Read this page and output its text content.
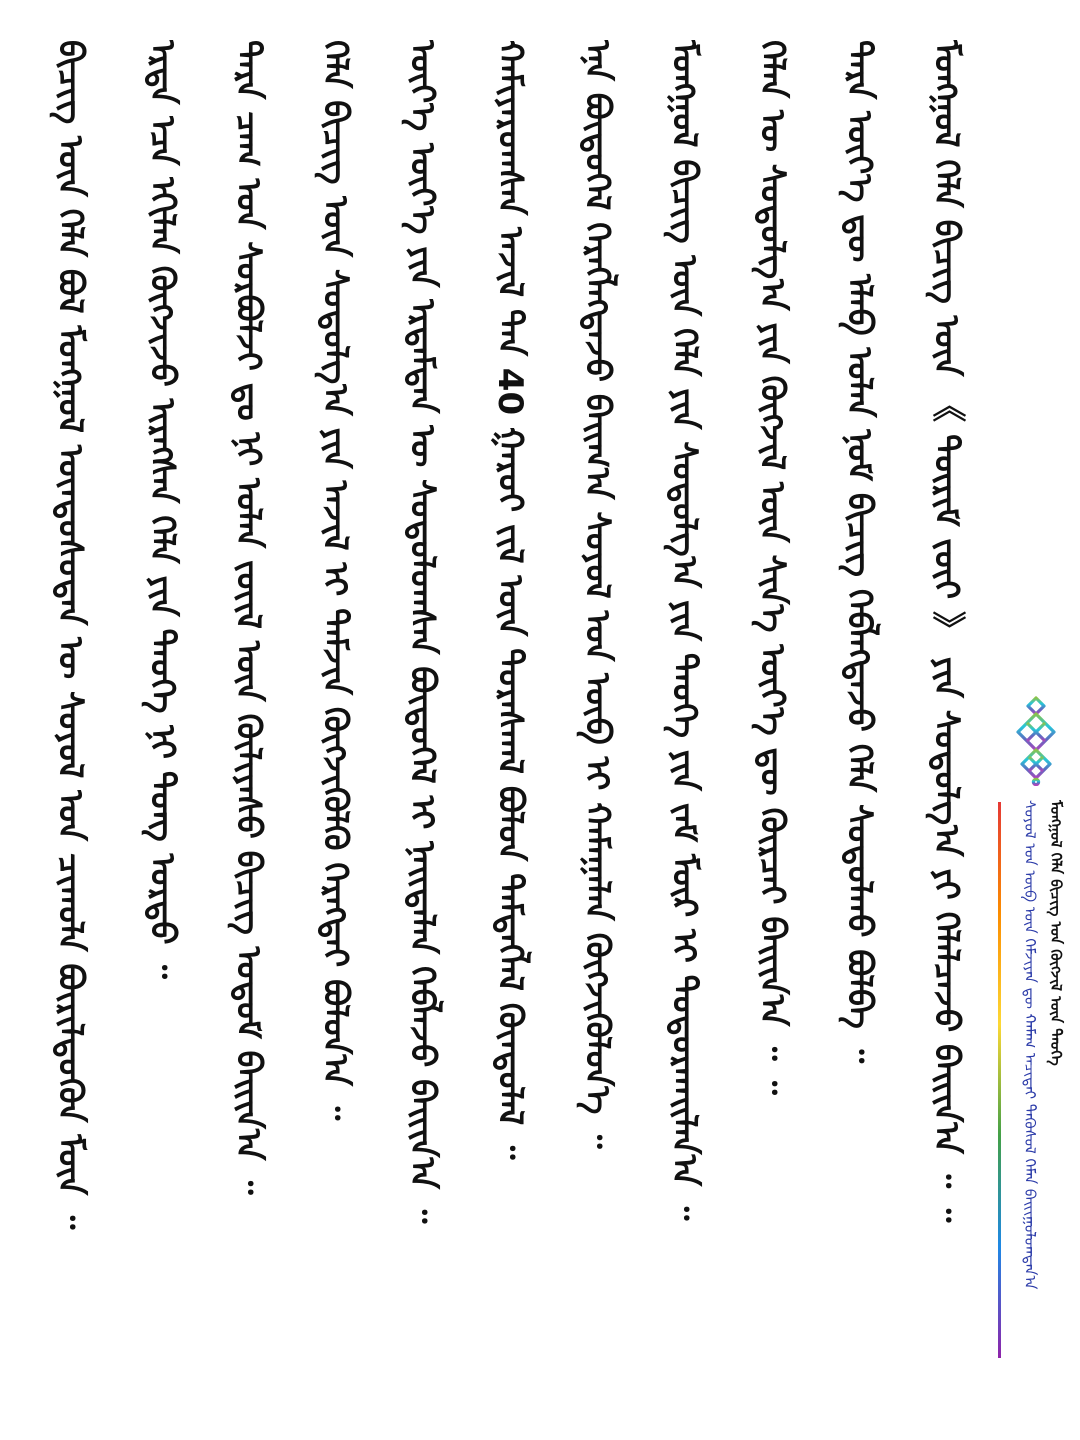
ᠪᠢᠴᠢᠭ᠌ ᠦᠨ ᠬᠡᠯᠡ ᠪᠣᠯ ᠮᠣᠩᠭᠣᠯ ᠦᠨᠳᠦᠰᠦᠲᠡᠨ ᠦ ᠰᠣᠶᠣᠯ ᠤᠨ ᠴᠢᠬᠤᠯᠠ ᠪᠦᠷᠢᠯᠳᠦᠬᠦᠨ ᠮᠥᠨ ᠃ ᠡᠷᠲᠡ ᠡᠴᠡ ᠡᠬᠢᠯᠡᠨ ᠬᠥᠭᠵᠢᠵᠦ ᠢᠷᠡᠭᠰᠡᠨ ᠬᠡᠯᠡ ᠶᠢᠨ ᠲᠡᠦᠬᠡ ᠨᠢ ᠲᠣᠩ ᠤᠷᠲᠤ ᠃ ᠲᠡᠷᠡ ᠴᠠᠭ ᠤᠨ ᠰᠤᠷᠪᠤᠯᠵᠢ ᠳᠤ ᠨᠢ ᠣᠯᠠᠨ ᠵᠦᠢᠯ ᠦᠨ ᠬᠦᠯᠢᠶᠡᠰᠦ ᠪᠢᠴᠢᠭ᠌ ᠤᠳᠤᠮ ᠪᠠᠢᠢᠨ᠎ᠠ ᠃ ᠬᠡᠯᠡ ᠪᠢᠴᠢᠭ᠌ ᠦᠨ ᠰᠤᠳᠤᠯᠭ᠎ᠠ ᠶᠢᠨ ᠠᠵᠢᠯ ᠢ ᠳᠡᠮᠵᠢᠨ ᠬᠥᠭᠵᠢᠭᠦᠯᠬᠦ ᠬᠡᠷᠡᠭᠲᠡᠢ ᠪᠣᠯᠤᠨ᠎ᠠ ᠃ ᠦᠶ᠎ᠡ ᠦᠶ᠎ᠡ ᠶᠢᠨ ᠡᠷᠳᠡᠮᠲᠡᠨ ᠦ ᠰᠤᠳᠤᠯᠤᠭᠰᠠᠨ ᠪᠦᠲᠦᠭᠡᠯ ᠢ ᠨᠡᠢᠲᠡᠯᠡᠨ ᠬᠡᠪᠯᠡᠵᠦ ᠪᠠᠢᠢᠨ᠎ᠠ ᠃ ᠬᠠᠮᠢᠶᠠᠷᠤᠭᠰᠠᠨ ᠠᠵᠢᠯ ᠲᠠᠨ 40 ᠭᠠᠷᠤᠢ ᠵᠢᠯ ᠦᠨ ᠳᠤᠷᠠᠰᠬᠠᠯ ᠪᠣᠯᠤᠨ ᠲᠡᠮᠳᠡᠭᠯᠡᠯ ᠬᠦᠨᠳᠦᠯᠡᠯ ᠃ ᠡᠨᠡ ᠪᠦᠲᠦᠭᠡᠯ ᠬᠡᠷᠡᠭᠯᠡᠭᠳᠡᠵᠦ ᠪᠠᠢᠭ᠎ᠠ ᠰᠣᠶᠣᠯ ᠤᠨ ᠥᠪ ᠢ ᠬᠠᠮᠠᠭᠠᠯᠠᠨ ᠬᠥᠭᠵᠢᠭᠦᠯᠦᠨ᠎ᠡ ᠃ ᠮᠣᠩᠭᠣᠯ ᠪᠢᠴᠢᠭ᠌ ᠦᠨ ᠬᠡᠯᠡ ᠶᠢᠨ ᠰᠤᠳᠤᠯᠭ᠎ᠠ ᠶᠢᠨ ᠲᠡᠦᠬᠡ ᠶᠢᠨ ᠵᠠᠮ ᠮᠥᠷ ᠢ ᠲᠣᠳᠣᠷᠬᠠᠢᠯᠠᠨ᠎ᠠ ᠃ ᠬᠡᠯᠡᠨ ᠦ ᠰᠤᠳᠤᠯᠭ᠎ᠠ ᠶᠢᠨ ᠬᠥᠭᠵᠢᠯ ᠦᠨ ᠰᠢᠨ᠎ᠡ ᠦᠶ᠎ᠡ ᠳᠦ ᠬᠦᠷᠴᠡᠢ ᠪᠠᠢᠢᠨ᠎ᠠ ᠃ ᠃ ᠲᠡᠷᠡ ᠦᠶ᠎ᠡ ᠳᠦ ᠡᠯᠡᠪ ᠤᠯᠠᠨ ᠨᠣᠮ ᠪᠢᠴᠢᠭ᠌ ᠬᠡᠪᠯᠡᠭᠳᠡᠵᠦ ᠬᠡᠯᠡ ᠰᠤᠳᠤᠯᠬᠤ ᠪᠣᠯᠪᠠ ᠃ ᠮᠣᠩᠭᠣᠯ ᠬᠡᠯᠡ ᠪᠢᠴᠢᠭ᠌ ᠦᠨ 《 ᠳᠦᠷᠢᠮ ᠵᠦᠢ 》 ᠶᠢᠨ ᠰᠤᠳᠤᠯᠭ᠎ᠠ ᠶᠢ ᠬᠡᠯᠡᠯᠴᠡᠵᠦ ᠪᠠᠢᠢᠨ᠎ᠠ ᠃ ᠃	ᠰᠣᠶᠣᠯ ᠤᠨ ᠥᠪ ᠦᠨ ᠬᠡᠮᠵᠢᠶᠡᠨ ᠳᠦ ᠬᠠᠮᠠᠭ ᠠᠴᠢᠲᠠᠢ ᠲᠡᠭᠦᠰᠦᠯ ᠬᠡᠮᠡᠨ ᠪᠠᠢᠢᠭᠤᠯᠤᠭᠳᠠᠨ᠎ᠠ ᠮᠣᠩᠭᠣᠯ ᠬᠡᠯᠡ ᠪᠢᠴᠢᠭ ᠤᠨ ᠬᠥᠭᠵᠢᠯ ᠦᠨ ᠲᠡᠦᠬᠡ
